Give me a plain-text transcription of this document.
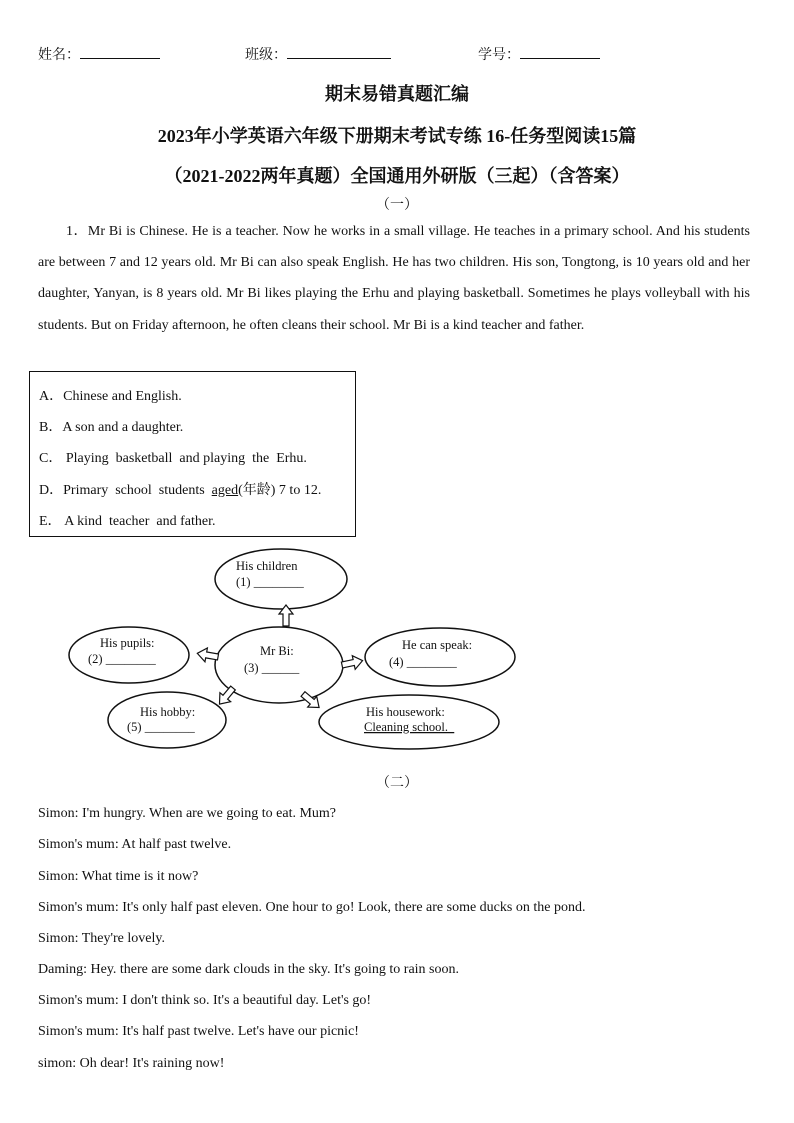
姓名：	班级：	学号：
期末易错真题汇编
2023年小学英语六年级下册期末考试专练 16-任务型阅读15篇
（2021-2022两年真题）全国通用外研版（三起）（含答案）
（一）

1．Mr Bi is Chinese. He is a teacher. Now he works in a small village. He teaches in a primary school. And his students are between 7 and 12 years old. Mr Bi can also speak English. He has two children. His son, Tongtong, is 10 years old and her daughter, Yanyan, is 8 years old. Mr Bi likes playing the Erhu and playing basketball. Sometimes he plays volleyball with his students. But on Friday afternoon, he often cleans their school. Mr Bi is a kind teacher and father.

A．Chinese and English.
B．A son and a daughter.
C． Playing  basketball  and playing  the  Erhu.
D．Primary  school  students  aged(年龄) 7 to 12.
E． A kind  teacher  and father.
His children
(1) ________
His pupils:
(2) ________
Mr Bi:
(3) ______
He can speak:
(4) ________
His hobby:
(5) ________
His housework:
Cleaning school.
（二）
Simon: I'm hungry. When are we going to eat. Mum?
Simon's mum: At half past twelve.
Simon: What time is it now?
Simon's mum: It's only half past eleven. One hour to go! Look, there are some ducks on the pond.
Simon: They're lovely.
Daming: Hey. there are some dark clouds in the sky. It's going to rain soon.
Simon's mum: I don't think so. It's a beautiful day. Let's go!
Simon's mum: It's half past twelve. Let's have our picnic!
simon: Oh dear! It's raining now!
